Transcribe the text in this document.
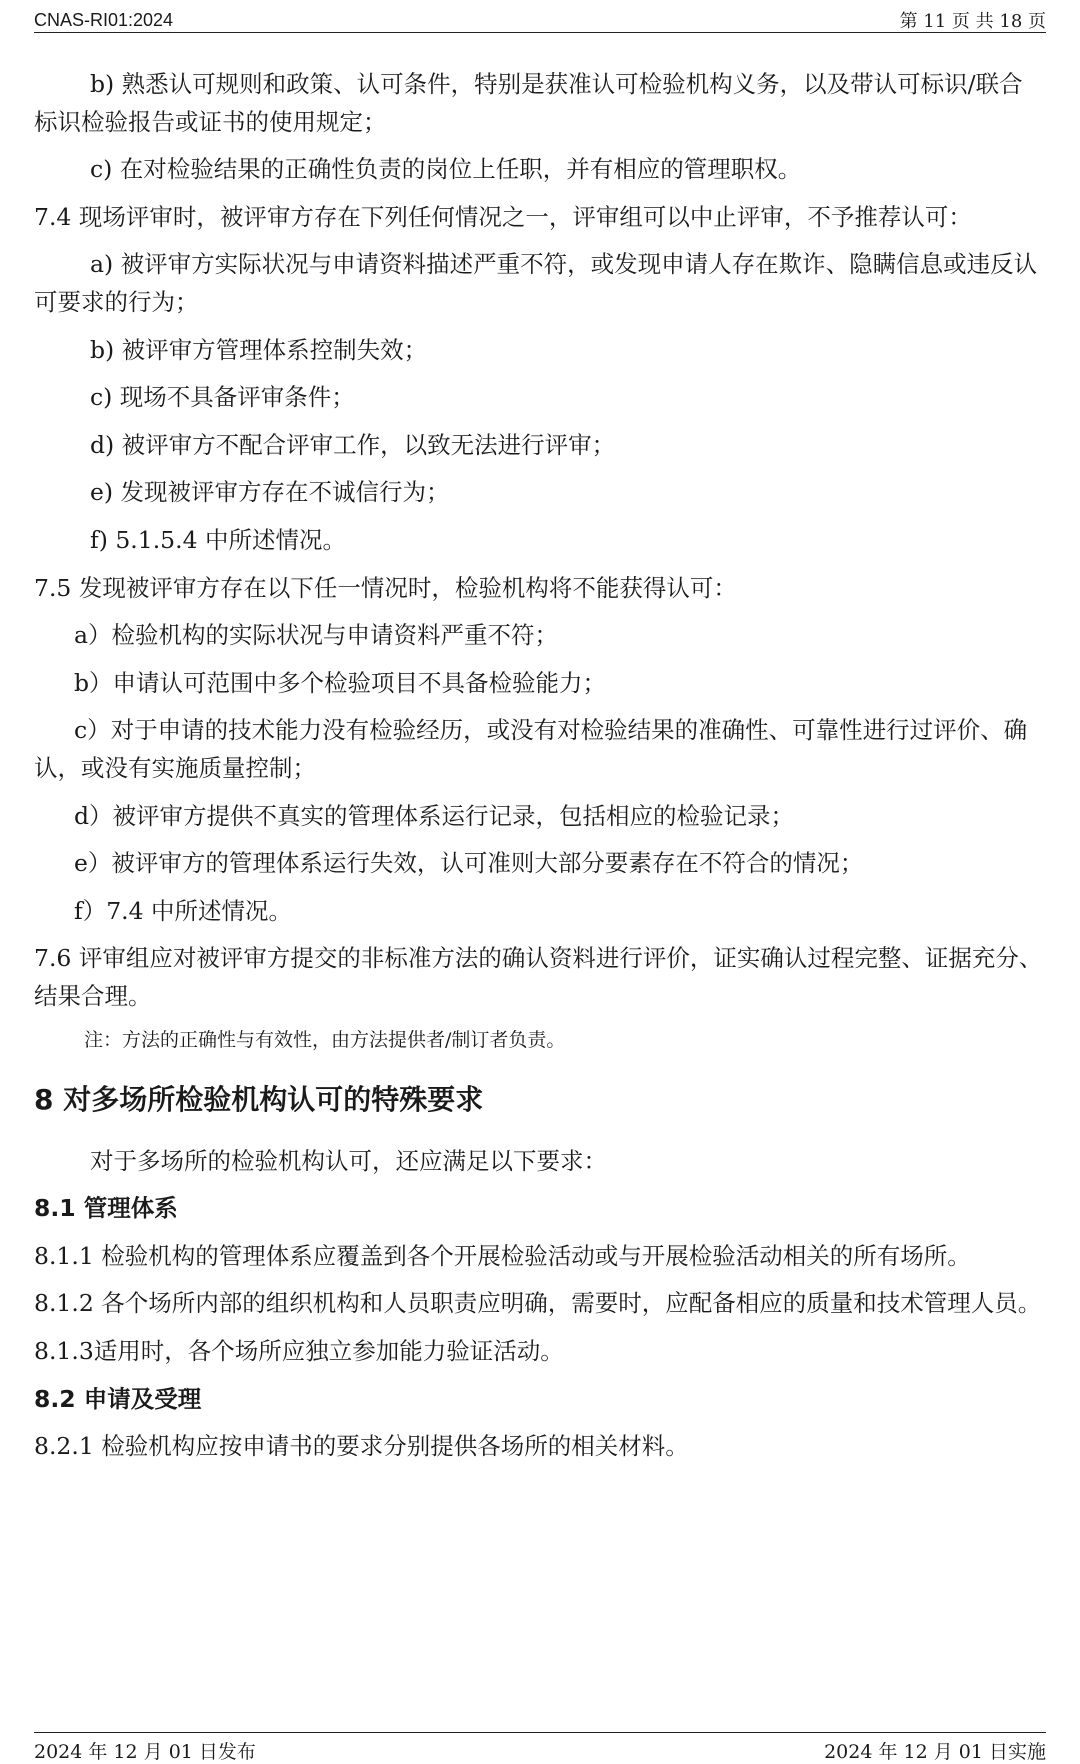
CNAS-RI01:2024	第 11 页 共 18 页

b) 熟悉认可规则和政策、认可条件，特别是获准认可检验机构义务，以及带认可标识/联合标识检验报告或证书的使用规定；

c) 在对检验结果的正确性负责的岗位上任职，并有相应的管理职权。

7.4 现场评审时，被评审方存在下列任何情况之一，评审组可以中止评审，不予推荐认可：

a) 被评审方实际状况与申请资料描述严重不符，或发现申请人存在欺诈、隐瞒信息或违反认可要求的行为；

b) 被评审方管理体系控制失效；

c) 现场不具备评审条件；

d) 被评审方不配合评审工作，以致无法进行评审；

e) 发现被评审方存在不诚信行为；

f) 5.1.5.4 中所述情况。

7.5 发现被评审方存在以下任一情况时，检验机构将不能获得认可：

a）检验机构的实际状况与申请资料严重不符；

b）申请认可范围中多个检验项目不具备检验能力；

c）对于申请的技术能力没有检验经历，或没有对检验结果的准确性、可靠性进行过评价、确认，或没有实施质量控制；

d）被评审方提供不真实的管理体系运行记录，包括相应的检验记录；

e）被评审方的管理体系运行失效，认可准则大部分要素存在不符合的情况；

f）7.4 中所述情况。

7.6 评审组应对被评审方提交的非标准方法的确认资料进行评价，证实确认过程完整、证据充分、结果合理。

注：方法的正确性与有效性，由方法提供者/制订者负责。

8 对多场所检验机构认可的特殊要求

对于多场所的检验机构认可，还应满足以下要求：

8.1 管理体系

8.1.1 检验机构的管理体系应覆盖到各个开展检验活动或与开展检验活动相关的所有场所。

8.1.2 各个场所内部的组织机构和人员职责应明确，需要时，应配备相应的质量和技术管理人员。

8.1.3适用时，各个场所应独立参加能力验证活动。

8.2 申请及受理

8.2.1 检验机构应按申请书的要求分别提供各场所的相关材料。

2024 年 12 月 01 日发布	2024 年 12 月 01 日实施
